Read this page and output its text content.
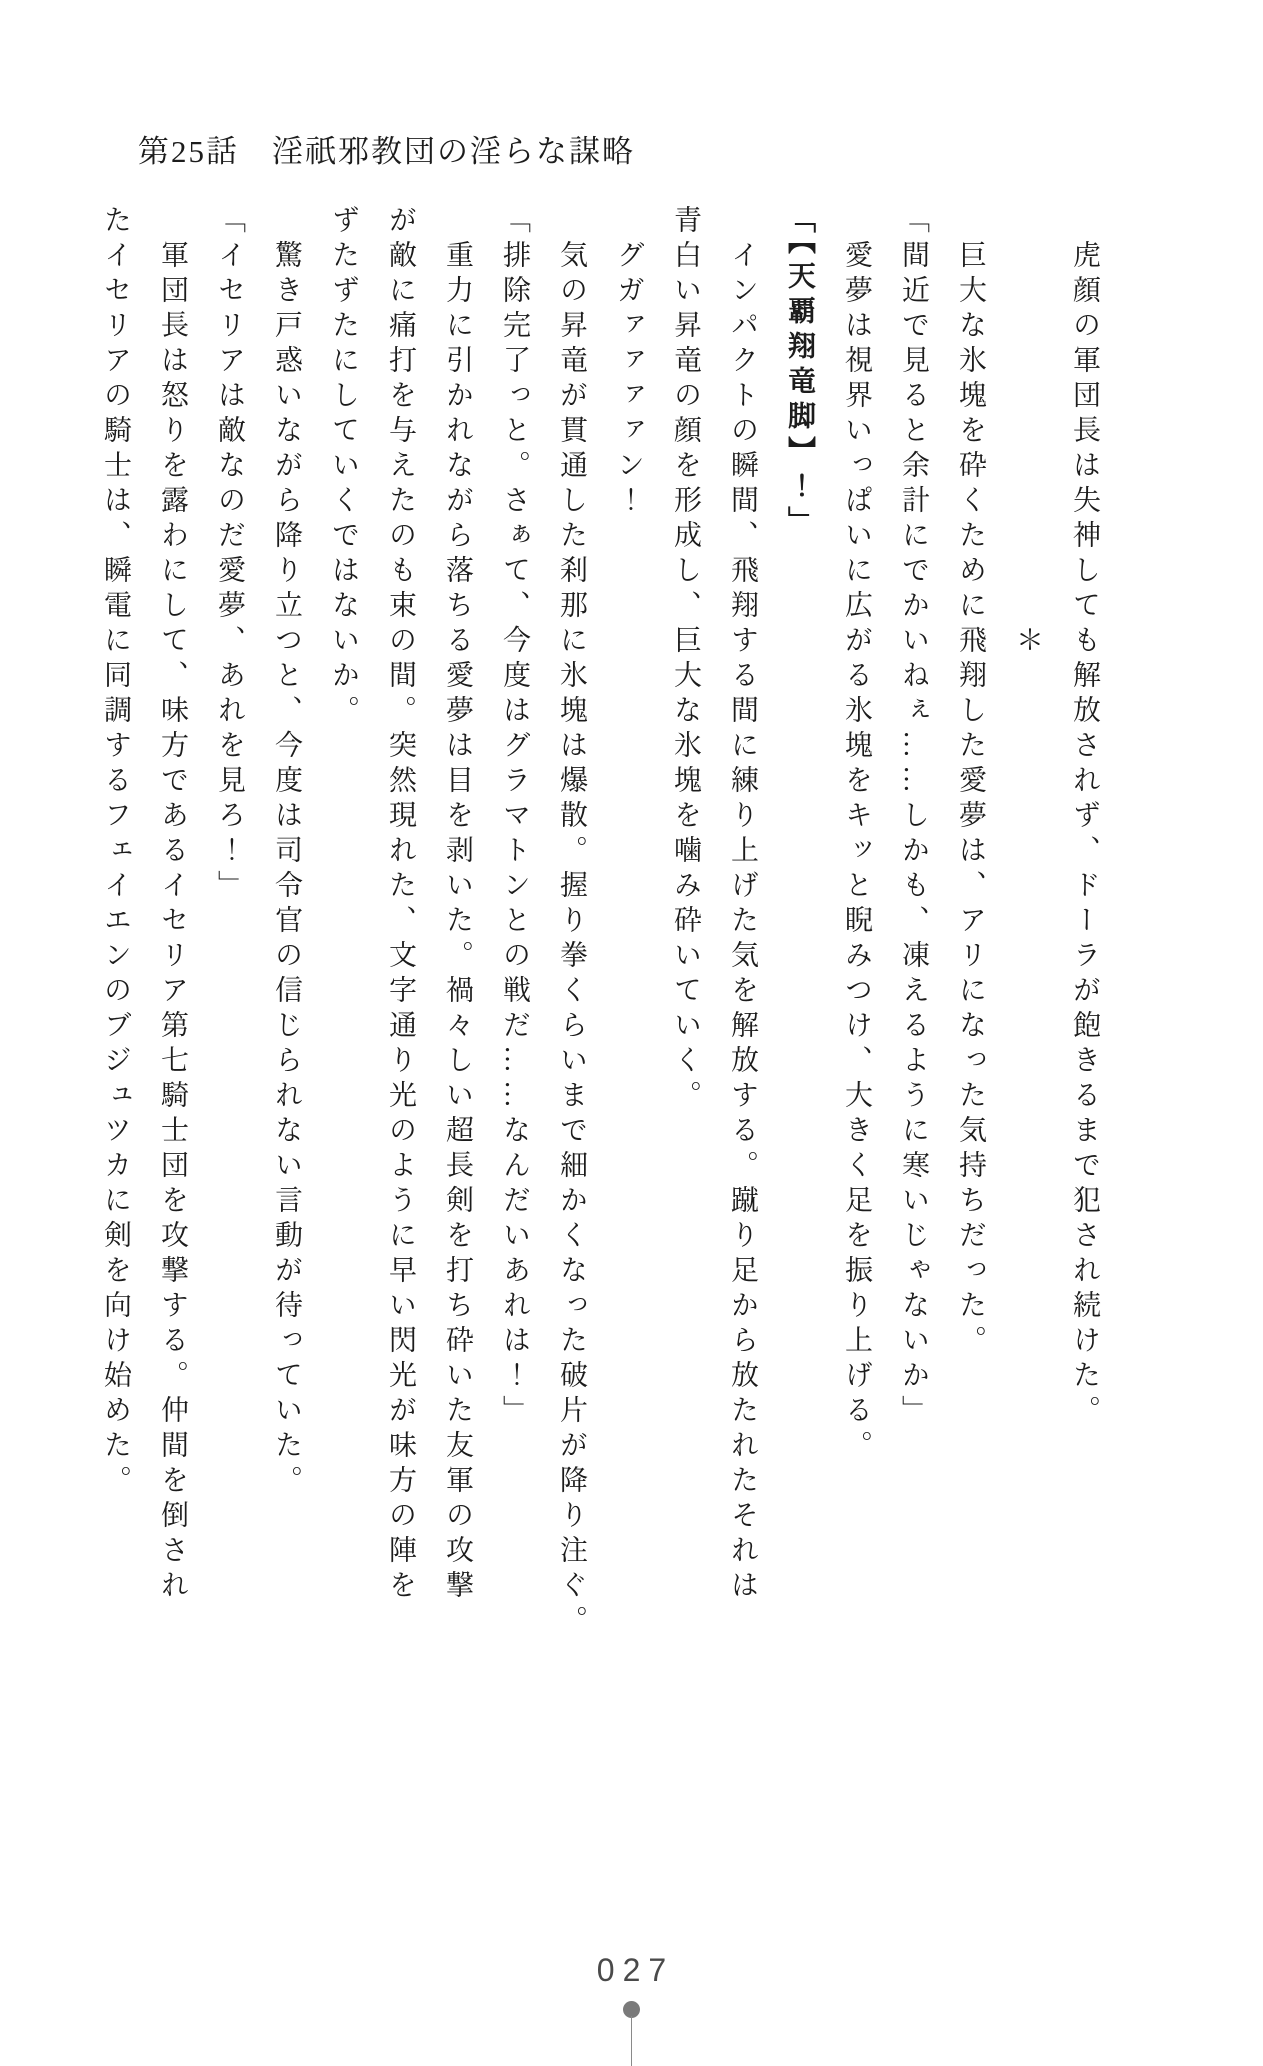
第25話　淫祇邪教団の淫らな謀略

　虎顔の軍団長は失神しても解放されず、ドーラが飽きるまで犯され続けた。

　　　　　　　　　　　　＊

　巨大な氷塊を砕くために飛翔した愛夢は、アリになった気持ちだった。

「間近で見ると余計にでかいねぇ……しかも、凍えるように寒いじゃないか」

　愛夢は視界いっぱいに広がる氷塊をキッと睨みつけ、大きく足を振り上げる。

「【天覇翔竜脚】！」

　インパクトの瞬間、飛翔する間に練り上げた気を解放する。蹴り足から放たれたそれは

青白い昇竜の顔を形成し、巨大な氷塊を噛み砕いていく。

　グガァァァァン！

　気の昇竜が貫通した刹那に氷塊は爆散。握り拳くらいまで細かくなった破片が降り注ぐ。

「排除完了っと。さぁて、今度はグラマトンとの戦だ……なんだいあれは！」

　重力に引かれながら落ちる愛夢は目を剥いた。禍々しい超長剣を打ち砕いた友軍の攻撃

が敵に痛打を与えたのも束の間。突然現れた、文字通り光のように早い閃光が味方の陣を

ずたずたにしていくではないか。

　驚き戸惑いながら降り立つと、今度は司令官の信じられない言動が待っていた。

「イセリアは敵なのだ愛夢、あれを見ろ！」

　軍団長は怒りを露わにして、味方であるイセリア第七騎士団を攻撃する。仲間を倒され

たイセリアの騎士は、瞬電に同調するフェイエンのブジュツカに剣を向け始めた。

027
